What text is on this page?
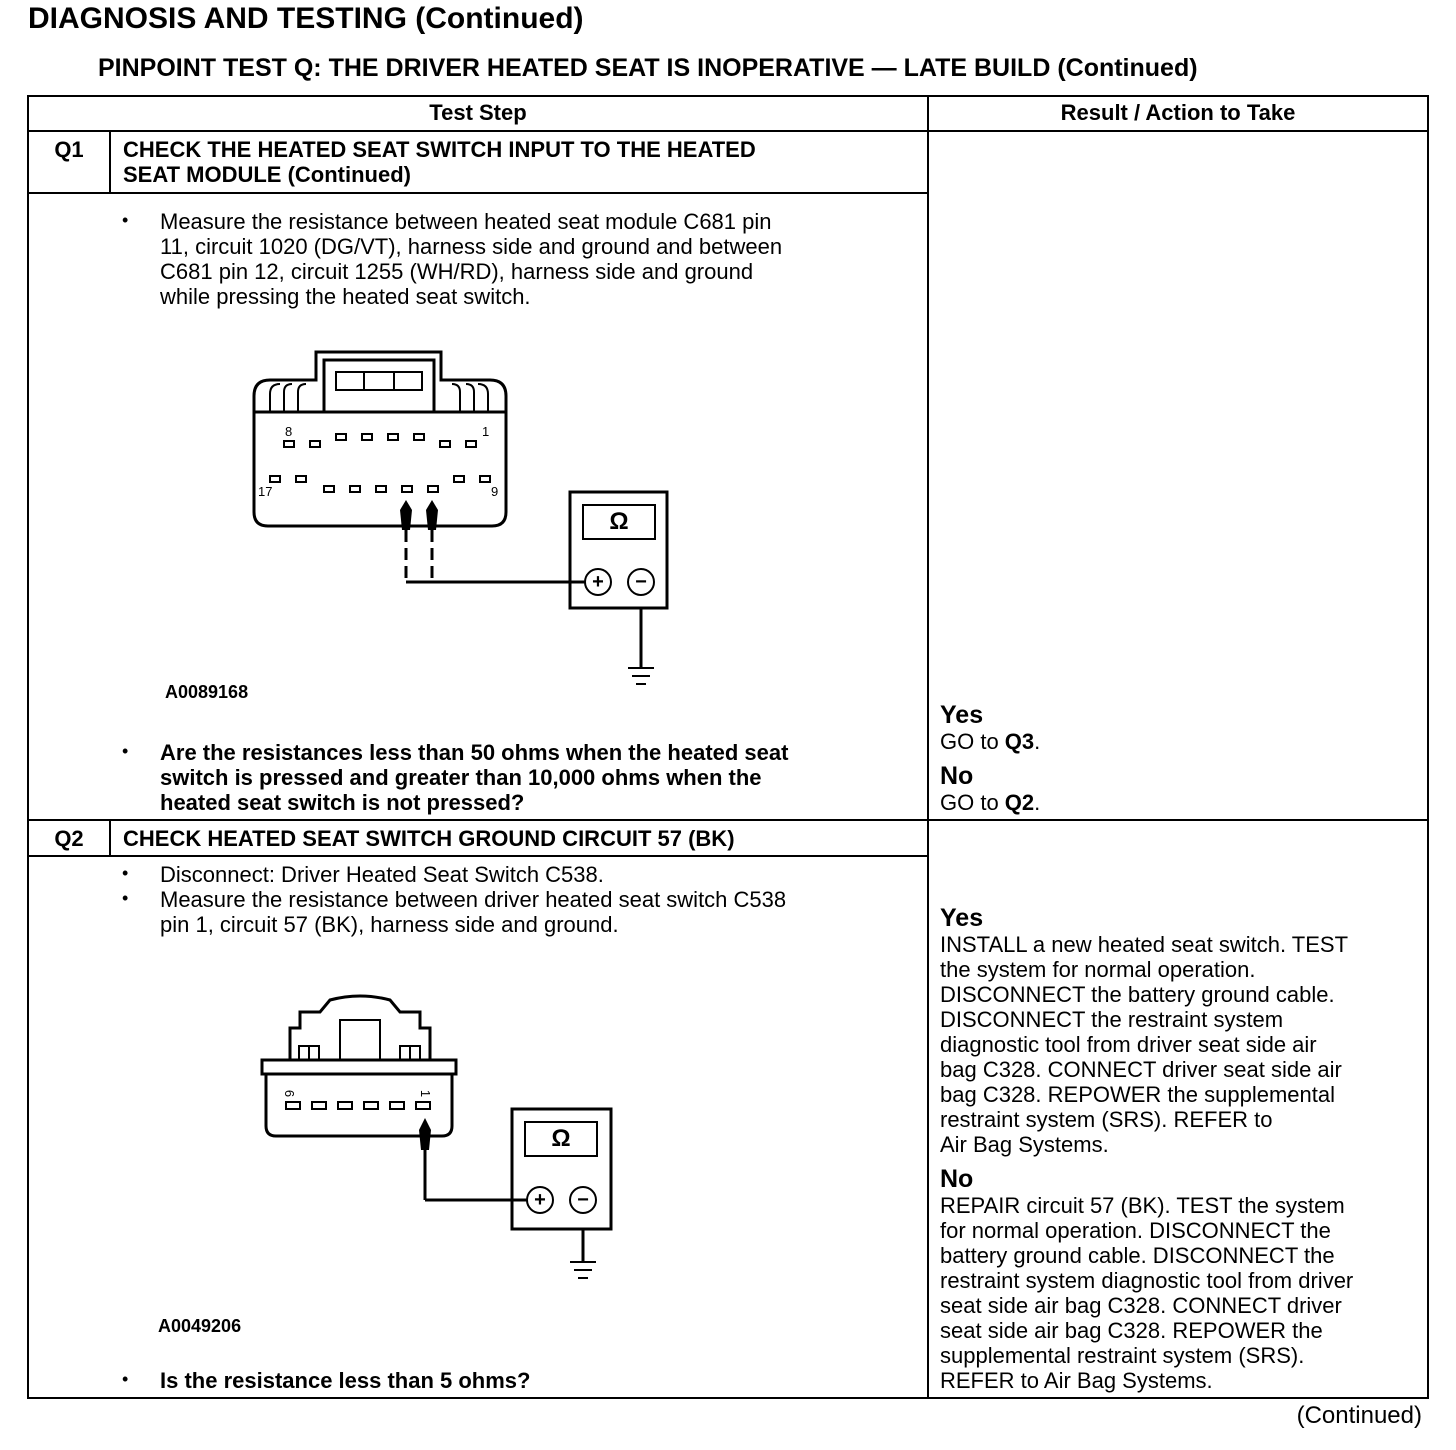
DIAGNOSIS AND TESTING (Continued)
PINPOINT TEST Q: THE DRIVER HEATED SEAT IS INOPERATIVE — LATE BUILD (Continued)
Test Step	Result / Action to Take
Q1	CHECK THE HEATED SEAT SWITCH INPUT TO THE HEATED
SEAT MODULE (Continued)
• Measure the resistance between heated seat module C681 pin
11, circuit 1020 (DG/VT), harness side and ground and between
C681 pin 12, circuit 1255 (WH/RD), harness side and ground
while pressing the heated seat switch.
8	1
17	9
Ω
+	−
A0089168
• Are the resistances less than 50 ohms when the heated seat
switch is pressed and greater than 10,000 ohms when the
heated seat switch is not pressed?
Yes
GO to Q3.
No
GO to Q2.
Q2	CHECK HEATED SEAT SWITCH GROUND CIRCUIT 57 (BK)
• Disconnect: Driver Heated Seat Switch C538.
• Measure the resistance between driver heated seat switch C538
pin 1, circuit 57 (BK), harness side and ground.
6	1
Ω
+	−
A0049206
• Is the resistance less than 5 ohms?
Yes
INSTALL a new heated seat switch. TEST
the system for normal operation.
DISCONNECT the battery ground cable.
DISCONNECT the restraint system
diagnostic tool from driver seat side air
bag C328. CONNECT driver seat side air
bag C328. REPOWER the supplemental
restraint system (SRS). REFER to
Air Bag Systems.
No
REPAIR circuit 57 (BK). TEST the system
for normal operation. DISCONNECT the
battery ground cable. DISCONNECT the
restraint system diagnostic tool from driver
seat side air bag C328. CONNECT driver
seat side air bag C328. REPOWER the
supplemental restraint system (SRS).
REFER to Air Bag Systems.
(Continued)
